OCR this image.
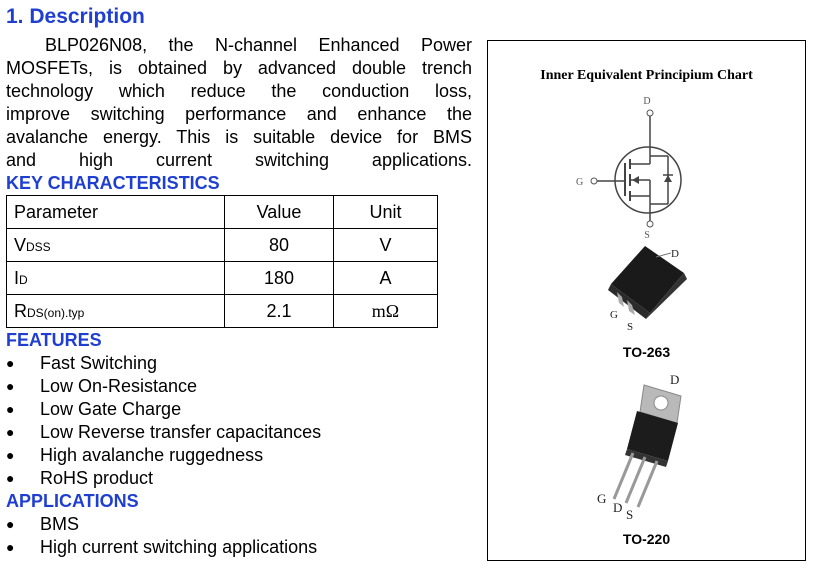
1. Description
BLP026N08, the N-channel Enhanced Power
MOSFETs, is obtained by advanced double trench
technology which reduce the conduction loss,
improve switching performance and enhance the
avalanche energy. This is suitable device for BMS
and high current switching applications.
KEY CHARACTERISTICS
Parameter	Value	Unit
VDSS	80	V
ID	180	A
RDS(on).typ	2.1	mΩ
FEATURES
●	Fast Switching
●	Low On-Resistance
●	Low Gate Charge
●	Low Reverse transfer capacitances
●	High avalanche ruggedness
●	RoHS product
APPLICATIONS
●	BMS
●	High current switching applications
Inner Equivalent Principium Chart
D
G
S
D
G
S
TO-263
D
G
D S
TO-220
